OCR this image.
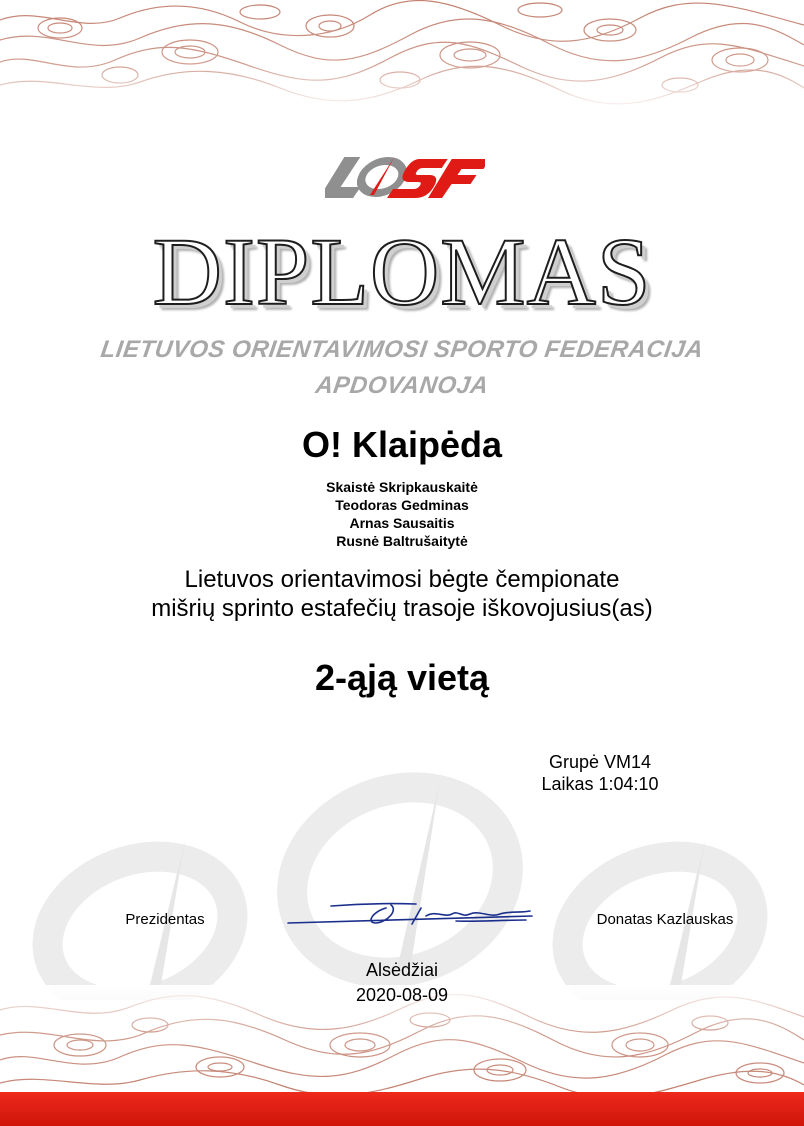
DIPLOMAS
LIETUVOS ORIENTAVIMOSI SPORTO FEDERACIJA
APDOVANOJA
O! Klaipėda
Skaistė Skripkauskaitė
Teodoras Gedminas
Arnas Sausaitis
Rusnė Baltrušaitytė
Lietuvos orientavimosi bėgte čempionate
mišrių sprinto estafečių trasoje iškovojusius(as)
2-ąją vietą
Grupė VM14
Laikas 1:04:10
Prezidentas	Donatas Kazlauskas
Alsėdžiai
2020-08-09
